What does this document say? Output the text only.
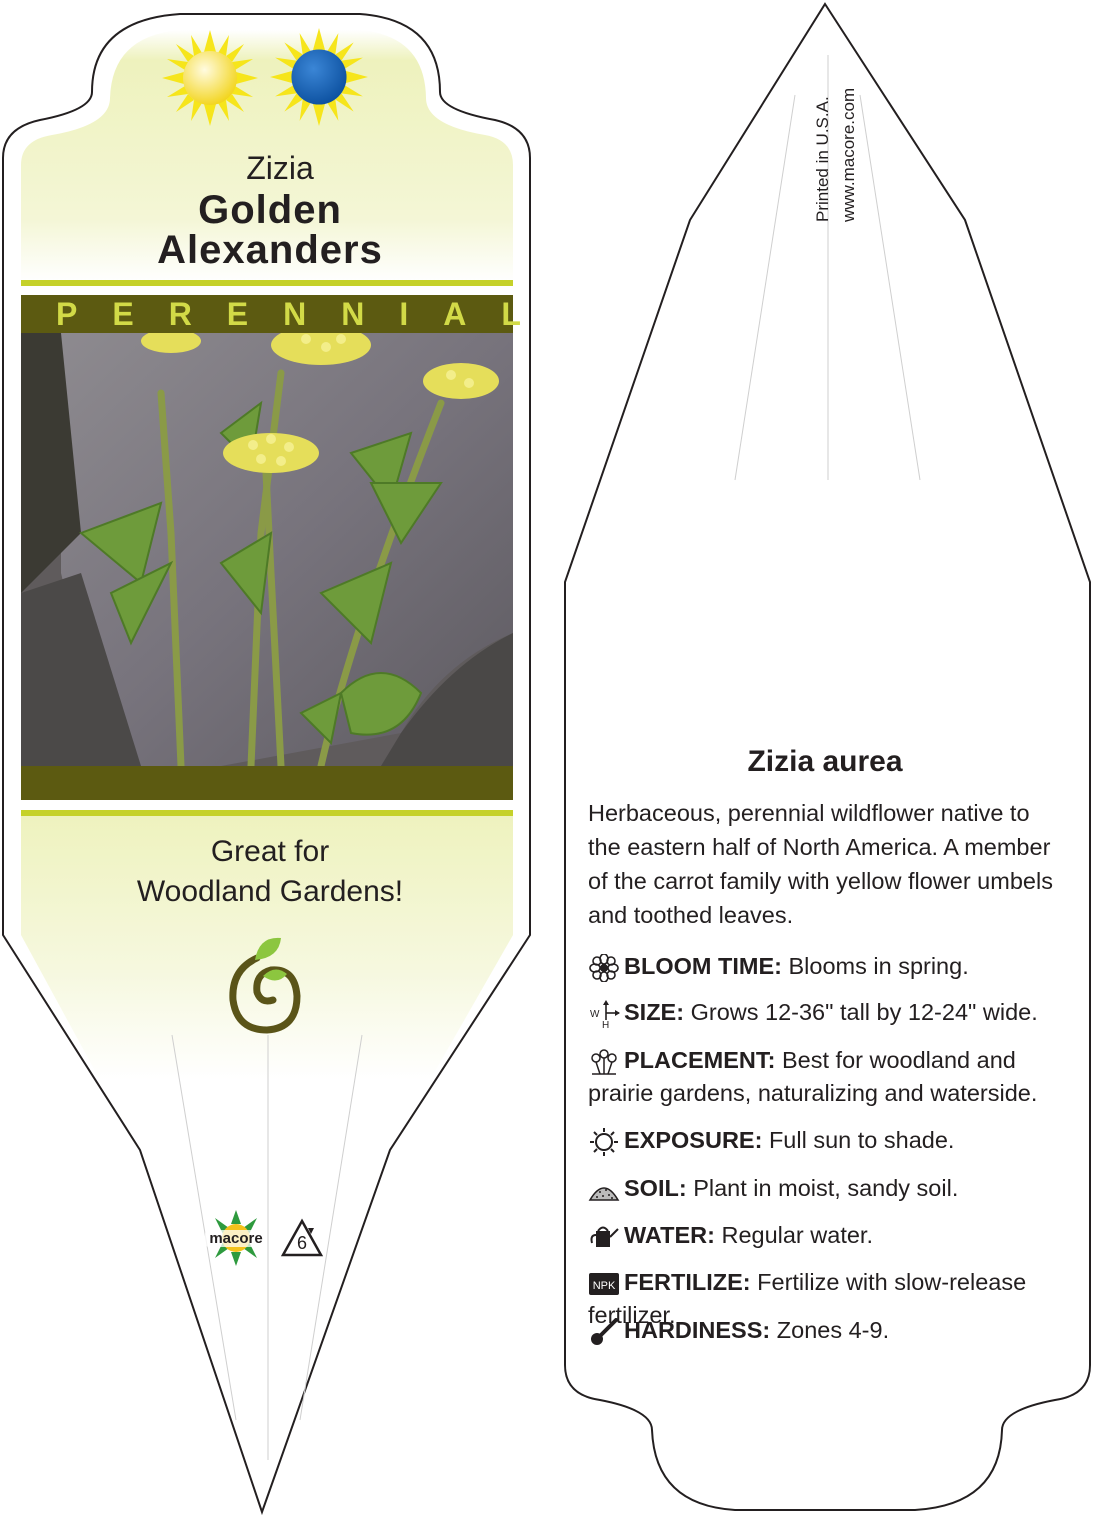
Zizia
Golden
Alexanders
PERENNIAL
Great for
Woodland Gardens!
macore	6
Printed in U.S.A. www.macore.com
Zizia aurea
Herbaceous, perennial wildflower native to the eastern half of North America. A member of the carrot family with yellow flower umbels and toothed leaves.
BLOOM TIME: Blooms in spring.
W
H
SIZE: Grows 12-36" tall by 12-24" wide.
PLACEMENT: Best for woodland and prairie gardens, naturalizing and waterside.
EXPOSURE: Full sun to shade.
SOIL: Plant in moist, sandy soil.
WATER: Regular water.
NPK FERTILIZE: Fertilize with slow-release fertilizer.
HARDINESS: Zones 4-9.
